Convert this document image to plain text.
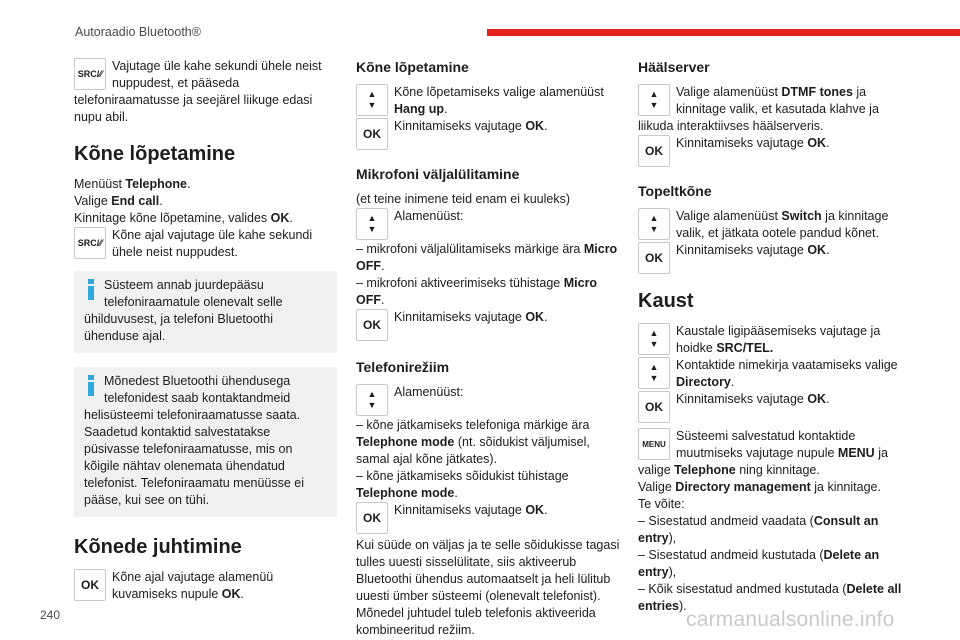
Autoraadio Bluetooth®
SRC/⁄⁄

Vajutage üle kahe sekundi ühele neist nuppudest, et pääseda telefoniraamatusse ja seejärel liikuge edasi nupu abil.

Kõne lõpetamine

Menüüst Telephone.

Valige End call.

Kinnitage kõne lõpetamine, valides OK.

SRC/⁄⁄

Kõne ajal vajutage üle kahe sekundi ühele neist nuppudest.

Süsteem annab juurdepääsu telefoniraamatule olenevalt selle ühilduvusest, ja telefoni Bluetoothi ühenduse ajal.

Mõnedest Bluetoothi ühendusega telefonidest saab kontaktandmeid helisüsteemi telefoniraamatusse saata. Saadetud kontaktid salvestatakse püsivasse telefoniraamatusse, mis on kõigile nähtav olenemata ühendatud telefonist. Telefoniraamatu menüüsse ei pääse, kui see on tühi.

Kõnede juhtimine
OK

Kõne ajal vajutage alamenüü kuvamiseks nupule OK.

Kõne lõpetamine
▲
▼

Kõne lõpetamiseks valige alamenüüst Hang up.

OK

Kinnitamiseks vajutage OK.

Mikrofoni väljalülitamine

(et teine inimene teid enam ei kuuleks)

▲
▼

Alamenüüst:

– mikrofoni väljalülitamiseks märkige ära Micro OFF.

– mikrofoni aktiveerimiseks tühistage Micro OFF.

OK

Kinnitamiseks vajutage OK.

Telefonirežiim
▲
▼

Alamenüüst:

– kõne jätkamiseks telefoniga märkige ära Telephone mode (nt. sõidukist väljumisel, samal ajal kõne jätkates).

– kõne jätkamiseks sõidukist tühistage Telephone mode.

OK

Kinnitamiseks vajutage OK.

Kui süüde on väljas ja te selle sõidukisse tagasi tulles uuesti sisselülitate, siis aktiveerub Bluetoothi ühendus automaatselt ja heli lülitub uuesti ümber süsteemi (olenevalt telefonist). Mõnedel juhtudel tuleb telefonis aktiveerida kombineeritud režiim.

Häälserver
▲
▼

Valige alamenüüst DTMF tones ja kinnitage valik, et kasutada klahve ja liikuda interaktiivses häälserveris.

OK

Kinnitamiseks vajutage OK.

Topeltkõne
▲
▼

Valige alamenüüst Switch ja kinnitage valik, et jätkata ootele pandud kõnet.

OK

Kinnitamiseks vajutage OK.

Kaust
▲
▼

Kaustale ligipääsemiseks vajutage ja hoidke SRC/TEL.

▲
▼

Kontaktide nimekirja vaatamiseks valige Directory.

OK

Kinnitamiseks vajutage OK.

MENU

Süsteemi salvestatud kontaktide muutmiseks vajutage nupule MENU ja valige Telephone ning kinnitage.

Valige Directory management ja kinnitage.

Te võite:

– Sisestatud andmeid vaadata (Consult an entry),

– Sisestatud andmeid kustutada (Delete an entry),

– Kõik sisestatud andmed kustutada (Delete all entries).

240	carmanualsonline.info
